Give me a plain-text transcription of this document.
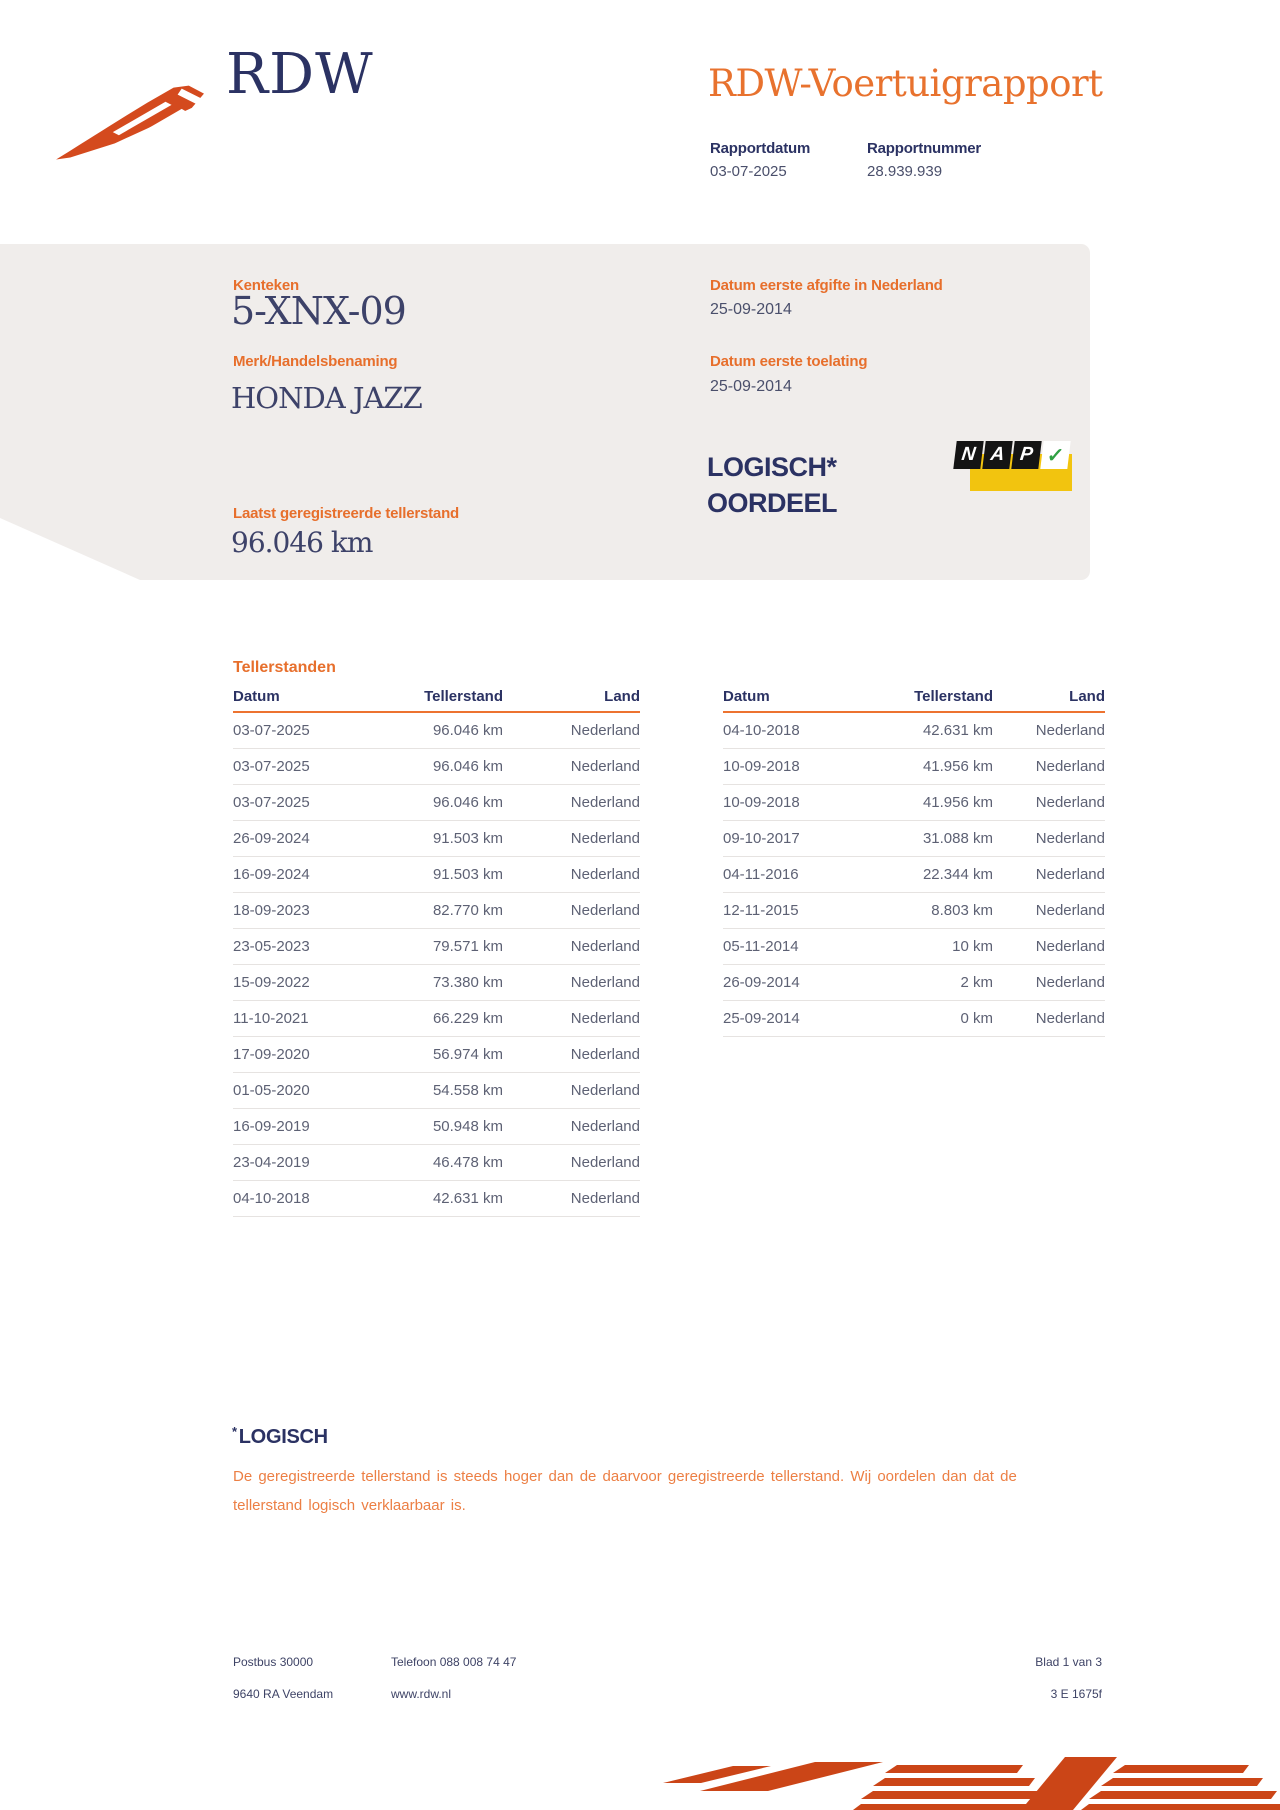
RDW	RDW-Voertuigrapport
Rapportdatum
03-07-2025
Rapportnummer
28.939.939
Kenteken
5-XNX-09
Merk/Handelsbenaming
HONDA JAZZ
Laatst geregistreerde tellerstand
96.046 km
Datum eerste afgifte in Nederland
25-09-2014
Datum eerste toelating
25-09-2014
LOGISCH*
OORDEEL
N A P ✓
Tellerstanden
Datum	Tellerstand	Land
03-07-2025	96.046 km	Nederland
03-07-2025	96.046 km	Nederland
03-07-2025	96.046 km	Nederland
26-09-2024	91.503 km	Nederland
16-09-2024	91.503 km	Nederland
18-09-2023	82.770 km	Nederland
23-05-2023	79.571 km	Nederland
15-09-2022	73.380 km	Nederland
11-10-2021	66.229 km	Nederland
17-09-2020	56.974 km	Nederland
01-05-2020	54.558 km	Nederland
16-09-2019	50.948 km	Nederland
23-04-2019	46.478 km	Nederland
04-10-2018	42.631 km	Nederland
Datum	Tellerstand	Land
04-10-2018	42.631 km	Nederland
10-09-2018	41.956 km	Nederland
10-09-2018	41.956 km	Nederland
09-10-2017	31.088 km	Nederland
04-11-2016	22.344 km	Nederland
12-11-2015	8.803 km	Nederland
05-11-2014	10 km	Nederland
26-09-2014	2 km	Nederland
25-09-2014	0 km	Nederland
* LOGISCH
De geregistreerde tellerstand is steeds hoger dan de daarvoor geregistreerde tellerstand. Wij oordelen dan dat de tellerstand logisch verklaarbaar is.
Postbus 30000
9640 RA Veendam
Telefoon 088 008 74 47
www.rdw.nl
Blad 1 van 3
3 E 1675f
